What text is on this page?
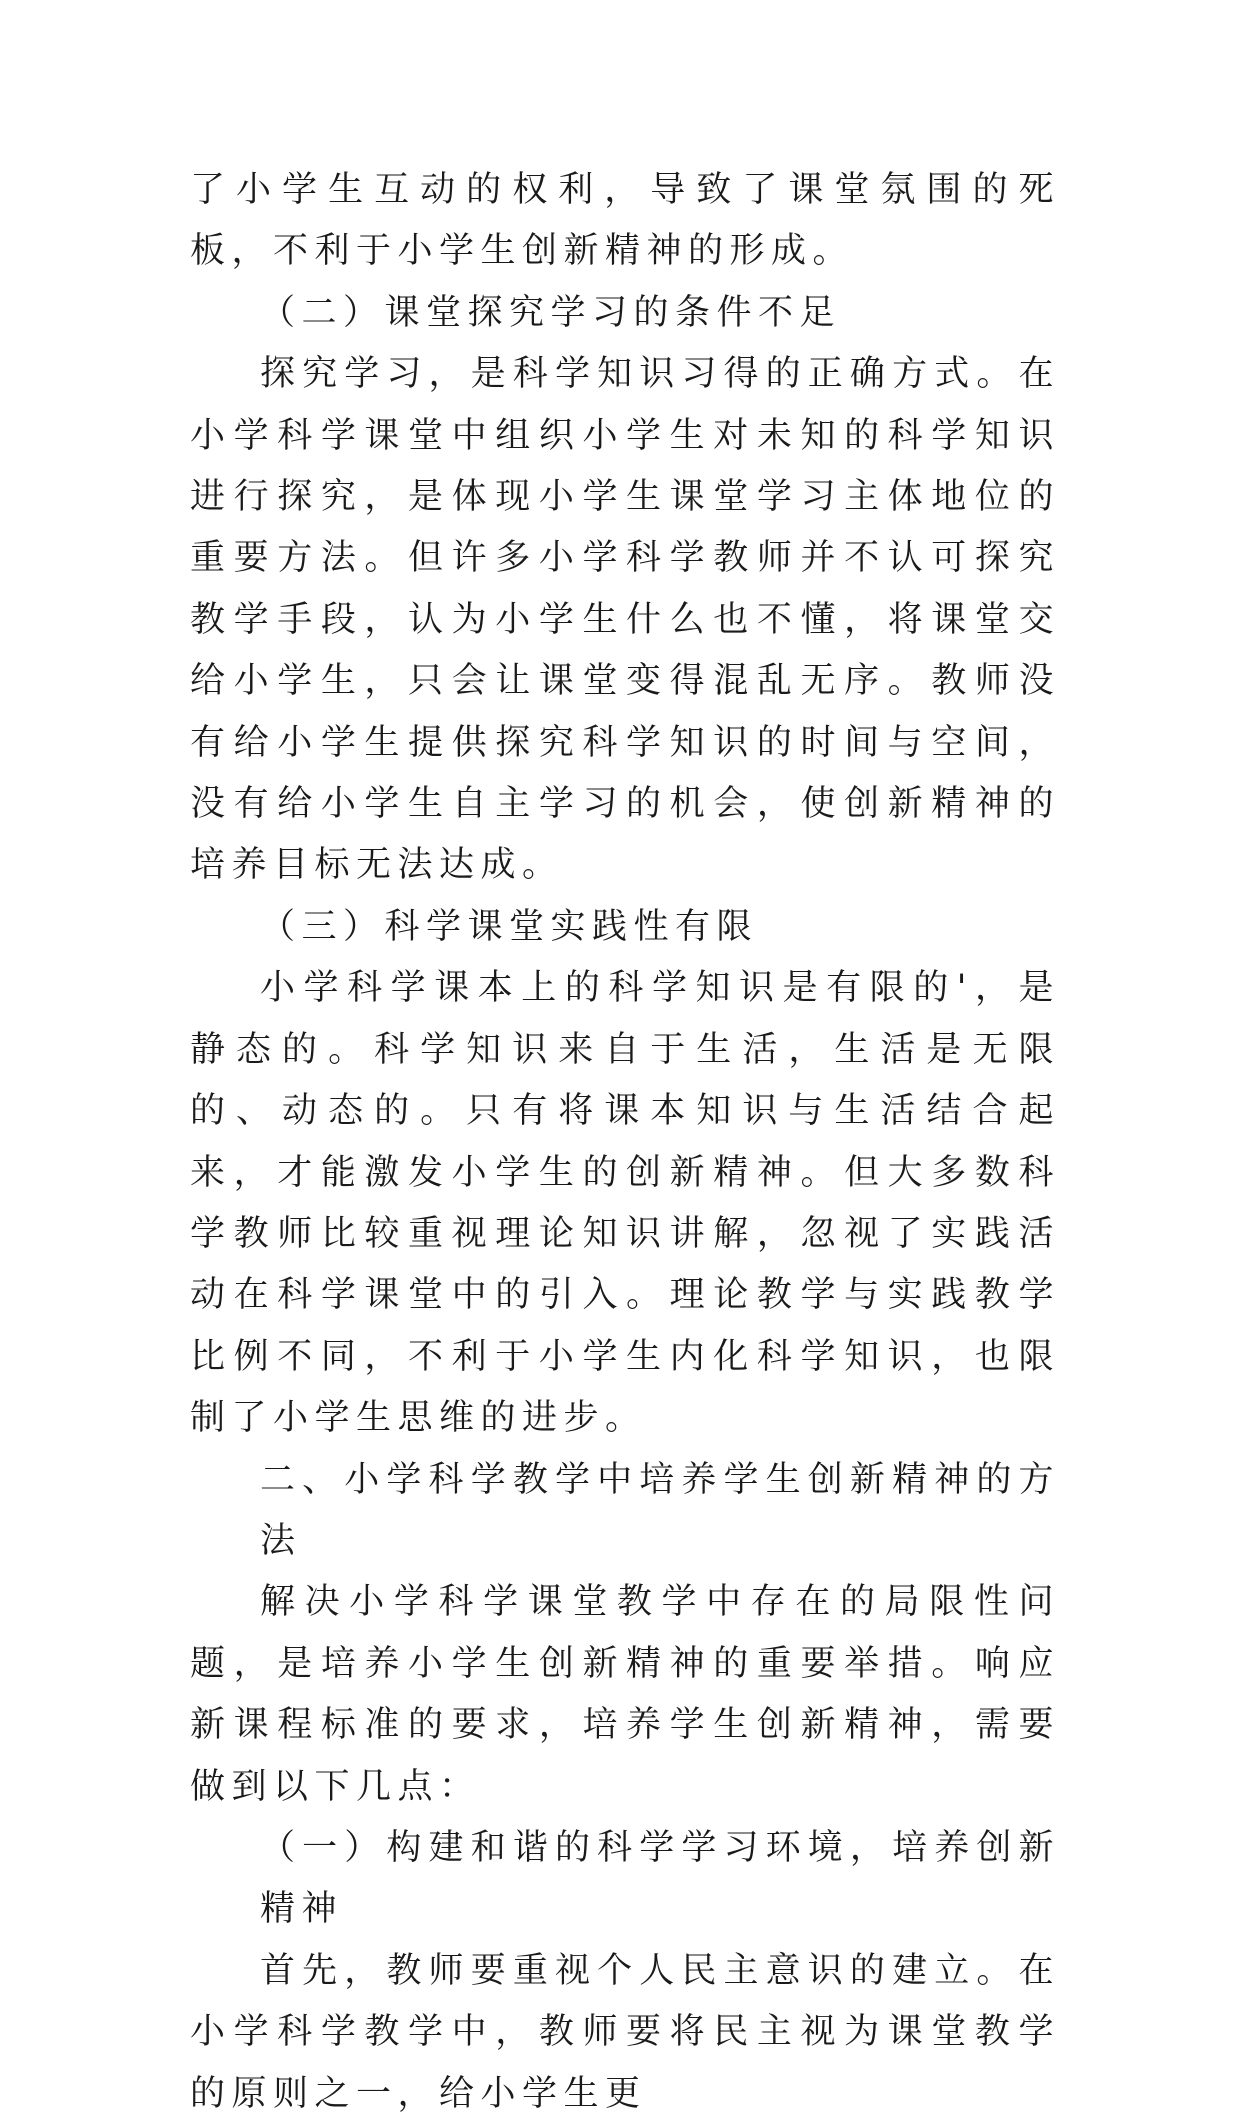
了小学生互动的权利，导致了课堂氛围的死板，不利于小学生创新精神的形成。

（二）课堂探究学习的条件不足

探究学习，是科学知识习得的正确方式。在小学科学课堂中组织小学生对未知的科学知识进行探究，是体现小学生课堂学习主体地位的重要方法。但许多小学科学教师并不认可探究教学手段，认为小学生什么也不懂，将课堂交给小学生，只会让课堂变得混乱无序。教师没有给小学生提供探究科学知识的时间与空间，没有给小学生自主学习的机会，使创新精神的培养目标无法达成。

（三）科学课堂实践性有限

小学科学课本上的科学知识是有限的'，是静态的。科学知识来自于生活，生活是无限的、动态的。只有将课本知识与生活结合起来，才能激发小学生的创新精神。但大多数科学教师比较重视理论知识讲解，忽视了实践活动在科学课堂中的引入。理论教学与实践教学比例不同，不利于小学生内化科学知识，也限制了小学生思维的进步。

二、小学科学教学中培养学生创新精神的方法

解决小学科学课堂教学中存在的局限性问题，是培养小学生创新精神的重要举措。响应新课程标准的要求，培养学生创新精神，需要做到以下几点：

（一）构建和谐的科学学习环境，培养创新精神

首先，教师要重视个人民主意识的建立。在小学科学教学中，教师要将民主视为课堂教学的原则之一，给小学生更
